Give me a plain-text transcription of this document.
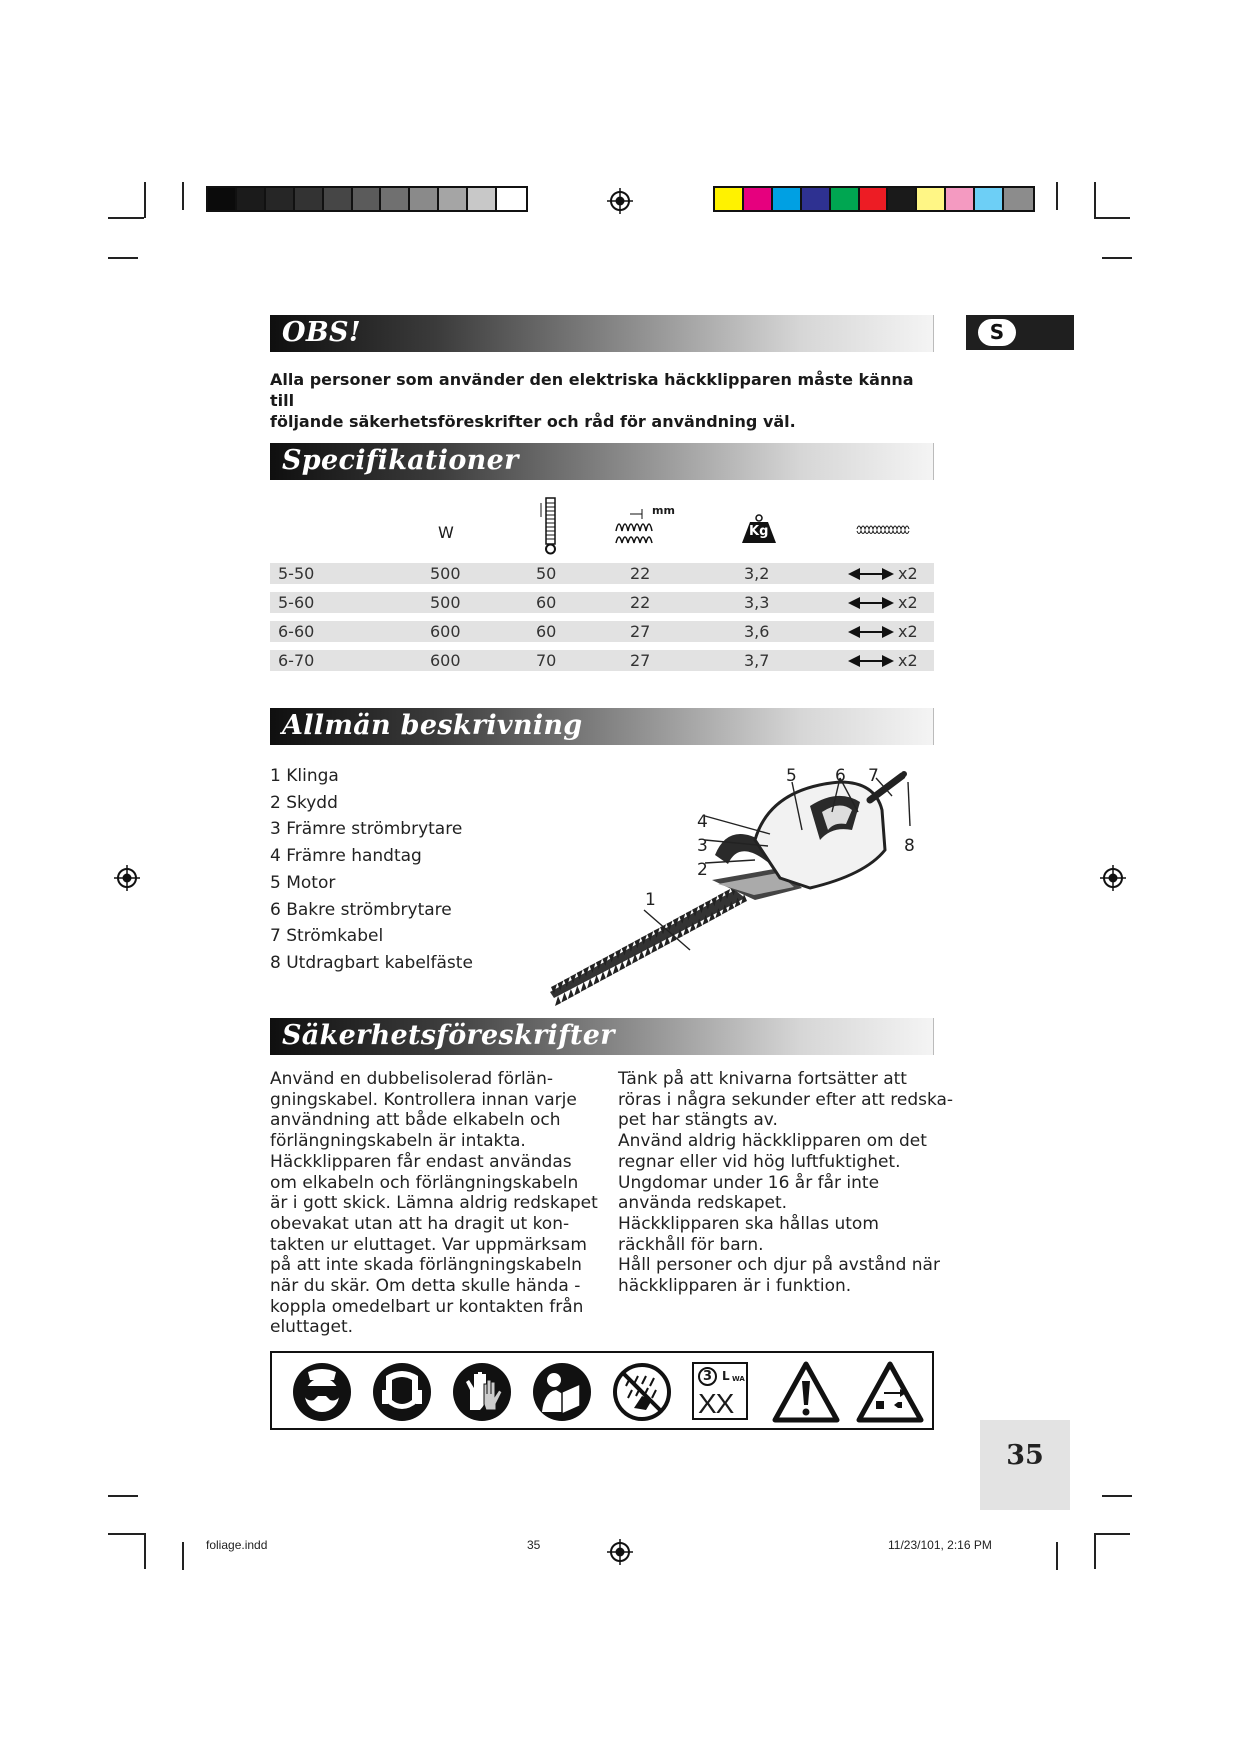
S
OBS!
Alla personer som använder den elektriska häckklipparen måste känna till
följande säkerhetsföreskrifter och råd för användning väl.
Specifikationer
W
mm
Kg
5-50	500	50	22	3,2	x2
5-60	500	60	22	3,3	x2
6-60	600	60	27	3,6	x2
6-70	600	70	27	3,7	x2
Allmän beskrivning
1 Klinga
2 Skydd
3 Främre strömbrytare
4 Främre handtag
5 Motor
6 Bakre strömbrytare
7 Strömkabel
8 Utdragbart kabelfäste
1
2
3
4
5 6 7
8
Säkerhetsföreskrifter
Använd en dubbelisolerad förlän-
gningskabel. Kontrollera innan varje
användning att både elkabeln och
förlängningskabeln är intakta.
Häckklipparen får endast användas
om elkabeln och förlängningskabeln
är i gott skick. Lämna aldrig redskapet
obevakat utan att ha dragit ut kon-
takten ur eluttaget. Var uppmärksam
på att inte skada förlängningskabeln
när du skär. Om detta skulle hända -
koppla omedelbart ur kontakten från
eluttaget.
Tänk på att knivarna fortsätter att
röras i några sekunder efter att redska-
pet har stängts av.
Använd aldrig häckklipparen om det
regnar eller vid hög luftfuktighet.
Ungdomar under 16 år får inte
använda redskapet.
Häckklipparen ska hållas utom
räckhåll för barn.
Håll personer och djur på avstånd när
häckklipparen är i funktion.
3 L WA
XX
35
foliage.indd	35	11/23/101, 2:16 PM
